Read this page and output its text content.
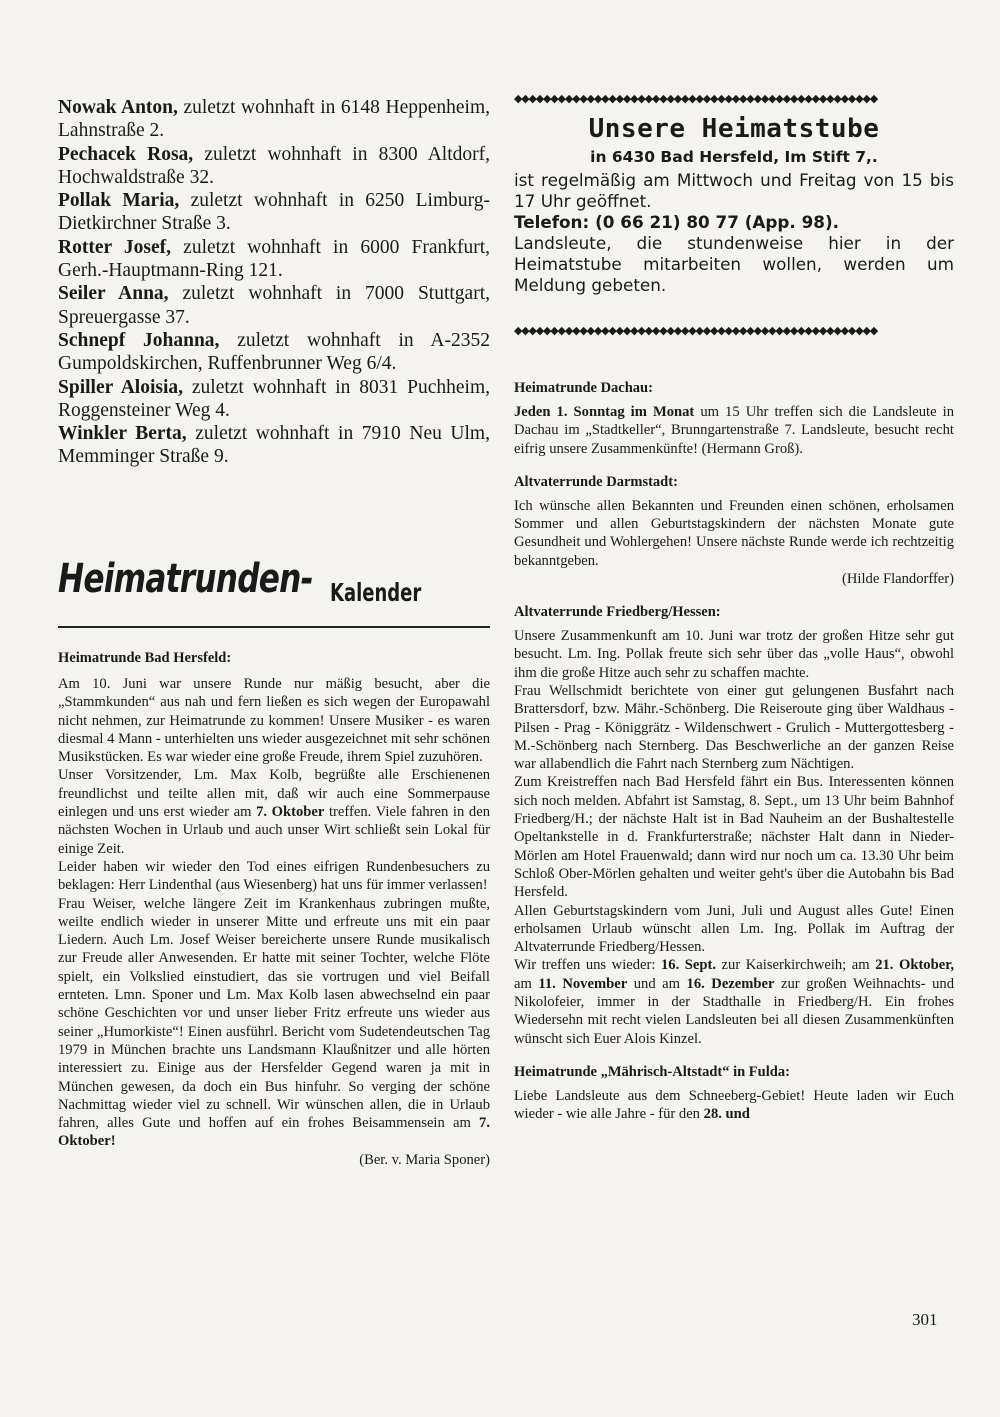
Nowak Anton, zuletzt wohnhaft in 6148 Heppenheim, Lahnstraße 2.

Pechacek Rosa, zuletzt wohnhaft in 8300 Altdorf, Hochwaldstraße 32.

Pollak Maria, zuletzt wohnhaft in 6250 Limburg-Dietkirchner Straße 3.

Rotter Josef, zuletzt wohnhaft in 6000 Frankfurt, Gerh.-Hauptmann-Ring 121.

Seiler Anna, zuletzt wohnhaft in 7000 Stuttgart, Spreuergasse 37.

Schnepf Johanna, zuletzt wohnhaft in A-2352 Gumpoldskirchen, Ruffenbrunner Weg 6/4.

Spiller Aloisia, zuletzt wohnhaft in 8031 Puchheim, Roggensteiner Weg 4.

Winkler Berta, zuletzt wohnhaft in 7910 Neu Ulm, Memminger Straße 9.

Heimatrunden- Kalender

Heimatrunde Bad Hersfeld:

Am 10. Juni war unsere Runde nur mäßig besucht, aber die „Stammkunden“ aus nah und fern ließen es sich wegen der Europawahl nicht nehmen, zur Heimatrunde zu kommen! Unsere Musiker - es waren diesmal 4 Mann - unterhielten uns wieder ausgezeichnet mit sehr schönen Musikstücken. Es war wieder eine große Freude, ihrem Spiel zuzuhören.

Unser Vorsitzender, Lm. Max Kolb, begrüßte alle Erschienenen freundlichst und teilte allen mit, daß wir auch eine Sommerpause einlegen und uns erst wieder am 7. Oktober treffen. Viele fahren in den nächsten Wochen in Urlaub und auch unser Wirt schließt sein Lokal für einige Zeit.

Leider haben wir wieder den Tod eines eifrigen Rundenbesuchers zu beklagen: Herr Lindenthal (aus Wiesenberg) hat uns für immer verlassen!

Frau Weiser, welche längere Zeit im Krankenhaus zubringen mußte, weilte endlich wieder in unserer Mitte und erfreute uns mit ein paar Liedern. Auch Lm. Josef Weiser bereicherte unsere Runde musikalisch zur Freude aller Anwesenden. Er hatte mit seiner Tochter, welche Flöte spielt, ein Volkslied einstudiert, das sie vortrugen und viel Beifall ernteten. Lmn. Sponer und Lm. Max Kolb lasen abwechselnd ein paar schöne Geschichten vor und unser lieber Fritz erfreute uns wieder aus seiner „Humorkiste“! Einen ausführl. Bericht vom Sudetendeutschen Tag 1979 in München brachte uns Landsmann Klaußnitzer und alle hörten interessiert zu. Einige aus der Hersfelder Gegend waren ja mit in München gewesen, da doch ein Bus hinfuhr. So verging der schöne Nachmittag wieder viel zu schnell. Wir wünschen allen, die in Urlaub fahren, alles Gute und hoffen auf ein frohes Beisammensein am 7. Oktober!

(Ber. v. Maria Sponer)

◆◆◆◆◆◆◆◆◆◆◆◆◆◆◆◆◆◆◆◆◆◆◆◆◆◆◆◆◆◆◆◆◆◆◆◆◆◆◆◆◆◆◆◆◆◆◆◆◆◆
Unsere Heimatstube
in 6430 Bad Hersfeld, Im Stift 7,.

ist regelmäßig am Mittwoch und Freitag von 15 bis 17 Uhr geöffnet.

Telefon: (0 66 21) 80 77 (App. 98).

Landsleute, die stundenweise hier in der Heimatstube mitarbeiten wollen, werden um Meldung gebeten.

◆◆◆◆◆◆◆◆◆◆◆◆◆◆◆◆◆◆◆◆◆◆◆◆◆◆◆◆◆◆◆◆◆◆◆◆◆◆◆◆◆◆◆◆◆◆◆◆◆◆

Heimatrunde Dachau:

Jeden 1. Sonntag im Monat um 15 Uhr treffen sich die Landsleute in Dachau im „Stadtkeller“, Brunngartenstraße 7. Landsleute, besucht recht eifrig unsere Zusammenkünfte! (Hermann Groß).

Altvaterrunde Darmstadt:

Ich wünsche allen Bekannten und Freunden einen schönen, erholsamen Sommer und allen Geburtstagskindern der nächsten Monate gute Gesundheit und Wohlergehen! Unsere nächste Runde werde ich rechtzeitig bekanntgeben.

(Hilde Flandorffer)

Altvaterrunde Friedberg/Hessen:

Unsere Zusammenkunft am 10. Juni war trotz der großen Hitze sehr gut besucht. Lm. Ing. Pollak freute sich sehr über das „volle Haus“, obwohl ihm die große Hitze auch sehr zu schaffen machte.

Frau Wellschmidt berichtete von einer gut gelungenen Busfahrt nach Brattersdorf, bzw. Mähr.-Schönberg. Die Reiseroute ging über Waldhaus - Pilsen - Prag - Königgrätz - Wildenschwert - Grulich - Muttergottesberg - M.-Schönberg nach Sternberg. Das Beschwerliche an der ganzen Reise war allabendlich die Fahrt nach Sternberg zum Nächtigen.

Zum Kreistreffen nach Bad Hersfeld fährt ein Bus. Interessenten können sich noch melden. Abfahrt ist Samstag, 8. Sept., um 13 Uhr beim Bahnhof Friedberg/H.; der nächste Halt ist in Bad Nauheim an der Bushaltestelle Opeltankstelle in d. Frankfurterstraße; nächster Halt dann in Nieder-Mörlen am Hotel Frauenwald; dann wird nur noch um ca. 13.30 Uhr beim Schloß Ober-Mörlen gehalten und weiter geht's über die Autobahn bis Bad Hersfeld.

Allen Geburtstagskindern vom Juni, Juli und August alles Gute! Einen erholsamen Urlaub wünscht allen Lm. Ing. Pollak im Auftrag der Altvaterrunde Friedberg/Hessen.

Wir treffen uns wieder: 16. Sept. zur Kaiserkirchweih; am 21. Oktober, am 11. November und am 16. Dezember zur großen Weihnachts- und Nikolofeier, immer in der Stadthalle in Friedberg/H. Ein frohes Wiedersehn mit recht vielen Landsleuten bei all diesen Zusammenkünften wünscht sich Euer Alois Kinzel.

Heimatrunde „Mährisch-Altstadt“ in Fulda:

Liebe Landsleute aus dem Schneeberg-Gebiet! Heute laden wir Euch wieder - wie alle Jahre - für den 28. und

301
